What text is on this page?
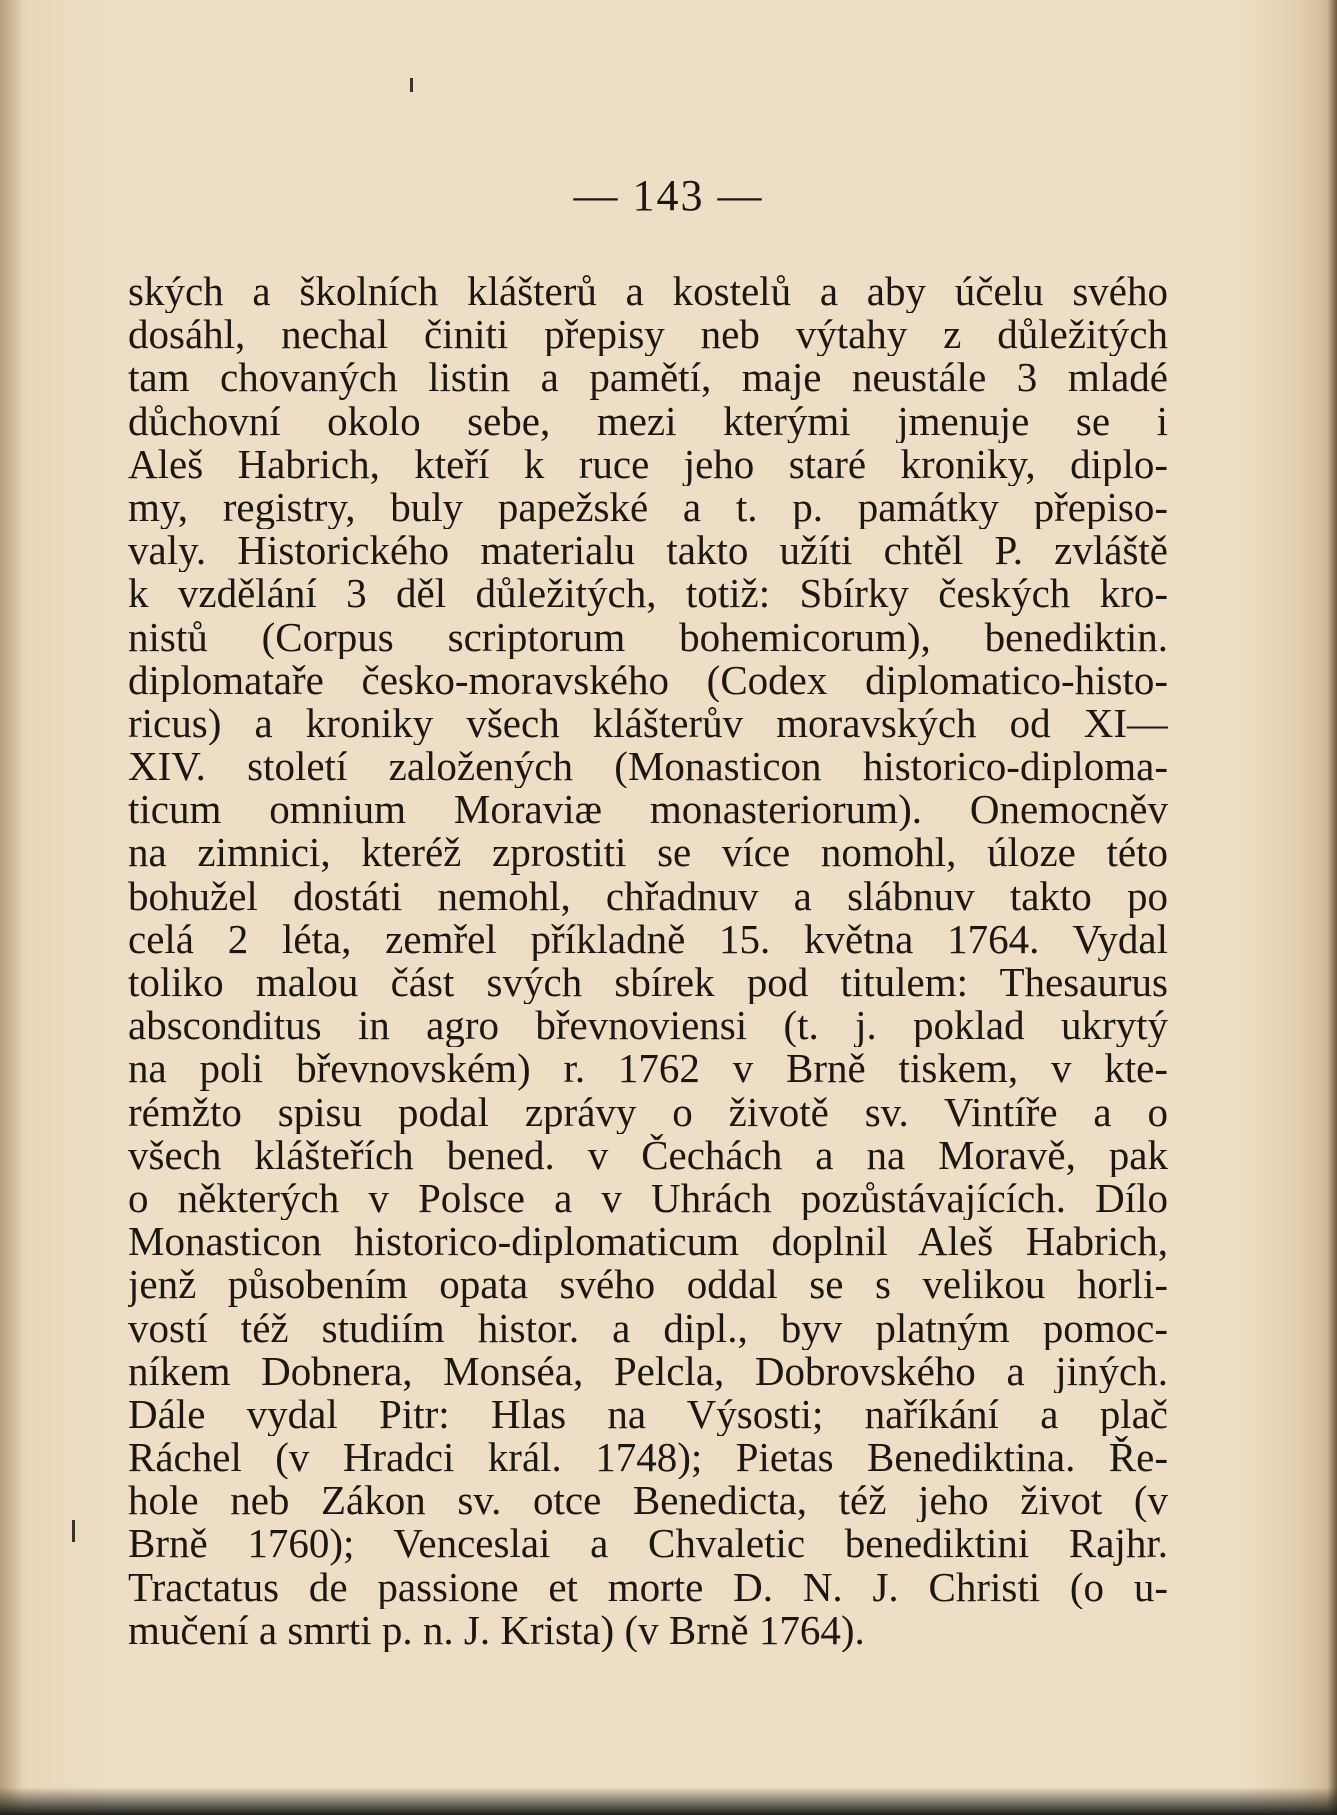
— 143 —
ských a školních klášterů a kostelů a aby účelu svého
dosáhl, nechal činiti přepisy neb výtahy z důležitých
tam chovaných listin a pamětí, maje neustále 3 mladé
důchovní okolo sebe, mezi kterými jmenuje se i
Aleš Habrich, kteří k ruce jeho staré kroniky, diplo-
my, registry, buly papežské a t. p. památky přepiso-
valy. Historického materialu takto užíti chtěl P. zvláště
k vzdělání 3 děl důležitých, totiž: Sbírky českých kro-
nistů (Corpus scriptorum bohemicorum), benediktin.
diplomataře česko-moravského (Codex diplomatico-histo-
ricus) a kroniky všech klášterův moravských od XI—
XIV. století založených (Monasticon historico-diploma-
ticum omnium Moraviæ monasteriorum). Onemocněv
na zimnici, kteréž zprostiti se více nomohl, úloze této
bohužel dostáti nemohl, chřadnuv a slábnuv takto po
celá 2 léta, zemřel příkladně 15. května 1764. Vydal
toliko malou část svých sbírek pod titulem: Thesaurus
absconditus in agro břevnoviensi (t. j. poklad ukrytý
na poli břevnovském) r. 1762 v Brně tiskem, v kte-
rémžto spisu podal zprávy o životě sv. Vintíře a o
všech klášteřích bened. v Čechách a na Moravě, pak
o některých v Polsce a v Uhrách pozůstávajících. Dílo
Monasticon historico-diplomaticum doplnil Aleš Habrich,
jenž působením opata svého oddal se s velikou horli-
vostí též studiím histor. a dipl., byv platným pomoc-
níkem Dobnera, Monséa, Pelcla, Dobrovského a jiných.
Dále vydal Pitr: Hlas na Výsosti; naříkání a plač
Ráchel (v Hradci král. 1748); Pietas Benediktina. Ře-
hole neb Zákon sv. otce Benedicta, též jeho život (v
Brně 1760); Venceslai a Chvaletic benediktini Rajhr.
Tractatus de passione et morte D. N. J. Christi (o u-
mučení a smrti p. n. J. Krista) (v Brně 1764).
